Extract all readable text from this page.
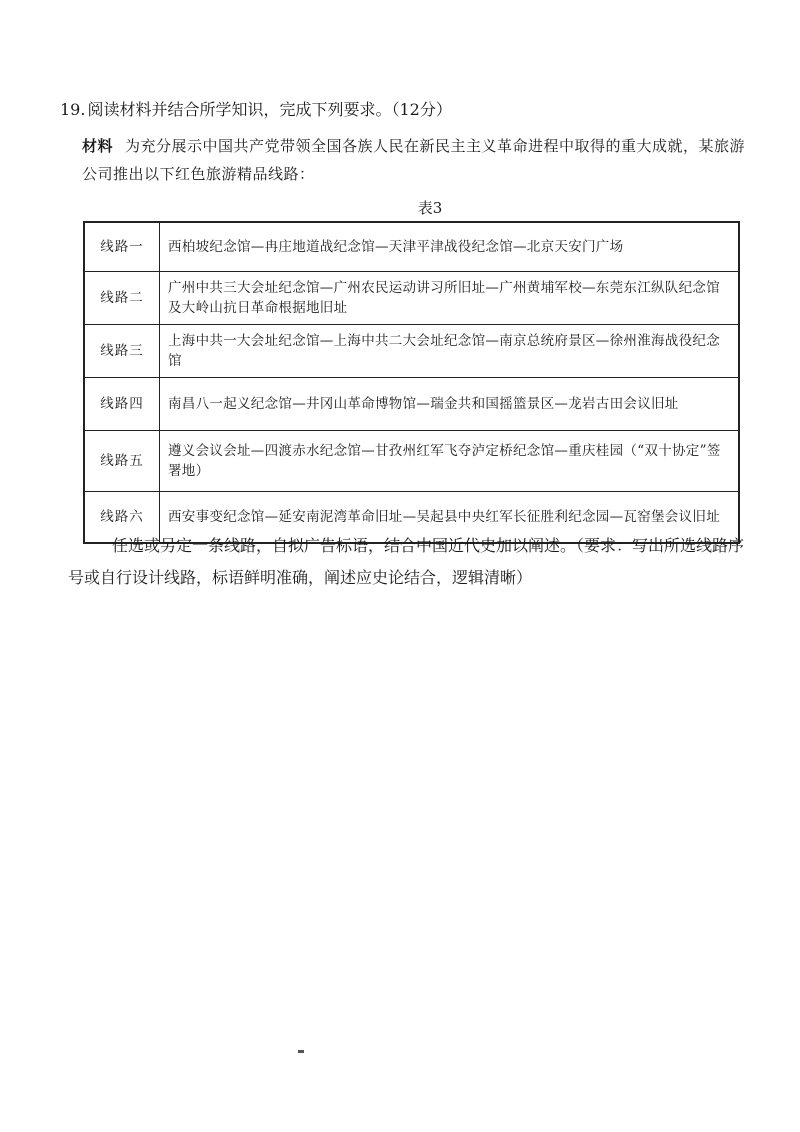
19. 阅读材料并结合所学知识，完成下列要求。（12分）

材料 为充分展示中国共产党带领全国各族人民在新民主主义革命进程中取得的重大成就，某旅游公司推出以下红色旅游精品线路：

表3
线路一	西柏坡纪念馆—冉庄地道战纪念馆—天津平津战役纪念馆—北京天安门广场
线路二	广州中共三大会址纪念馆—广州农民运动讲习所旧址—广州黄埔军校—东莞东江纵队纪念馆及大岭山抗日革命根据地旧址
线路三	上海中共一大会址纪念馆—上海中共二大会址纪念馆—南京总统府景区—徐州淮海战役纪念馆
线路四	南昌八一起义纪念馆—井冈山革命博物馆—瑞金共和国摇篮景区—龙岩古田会议旧址
线路五	遵义会议会址—四渡赤水纪念馆—甘孜州红军飞夺泸定桥纪念馆—重庆桂园（“双十协定”签署地）
线路六	西安事变纪念馆—延安南泥湾革命旧址—吴起县中央红军长征胜利纪念园—瓦窑堡会议旧址

任选或另定一条线路，自拟广告标语，结合中国近代史加以阐述。（要求：写出所选线路序号或自行设计线路，标语鲜明准确，阐述应史论结合，逻辑清晰）
